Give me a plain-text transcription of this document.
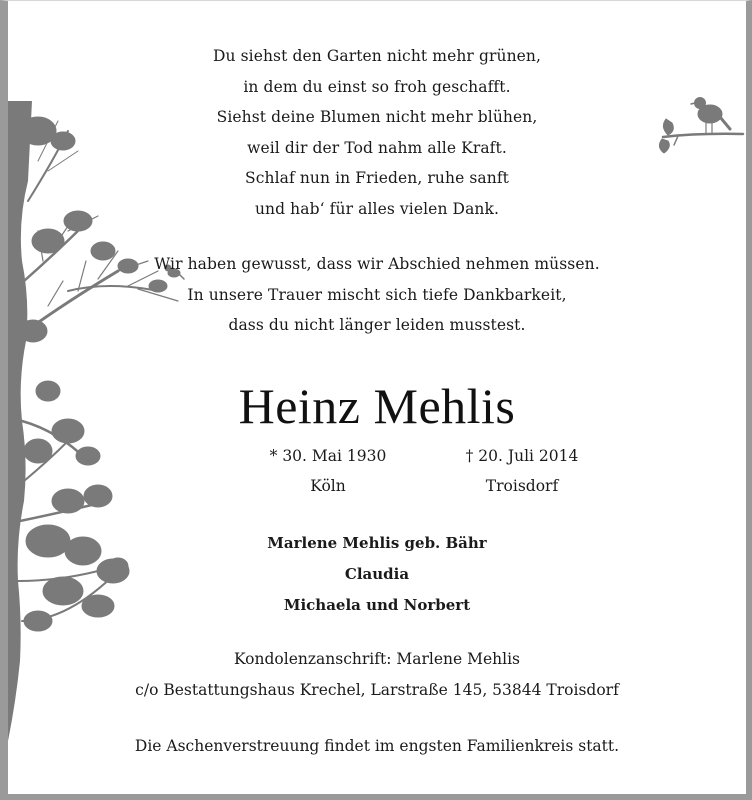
Du siehst den Garten nicht mehr grünen,
in dem du einst so froh geschafft.
Siehst deine Blumen nicht mehr blühen,
weil dir der Tod nahm alle Kraft.
Schlaf nun in Frieden, ruhe sanft
und hab‘ für alles vielen Dank.
Wir haben gewusst, dass wir Abschied nehmen müssen.
In unsere Trauer mischt sich tiefe Dankbarkeit,
dass du nicht länger leiden musstest.
Heinz Mehlis
* 30. Mai 1930
Köln
† 20. Juli 2014
Troisdorf
Marlene Mehlis geb. Bähr
Claudia
Michaela und Norbert
Kondolenzanschrift: Marlene Mehlis
c/o Bestattungshaus Krechel, Larstraße 145, 53844 Troisdorf
Die Aschenverstreuung findet im engsten Familienkreis statt.
